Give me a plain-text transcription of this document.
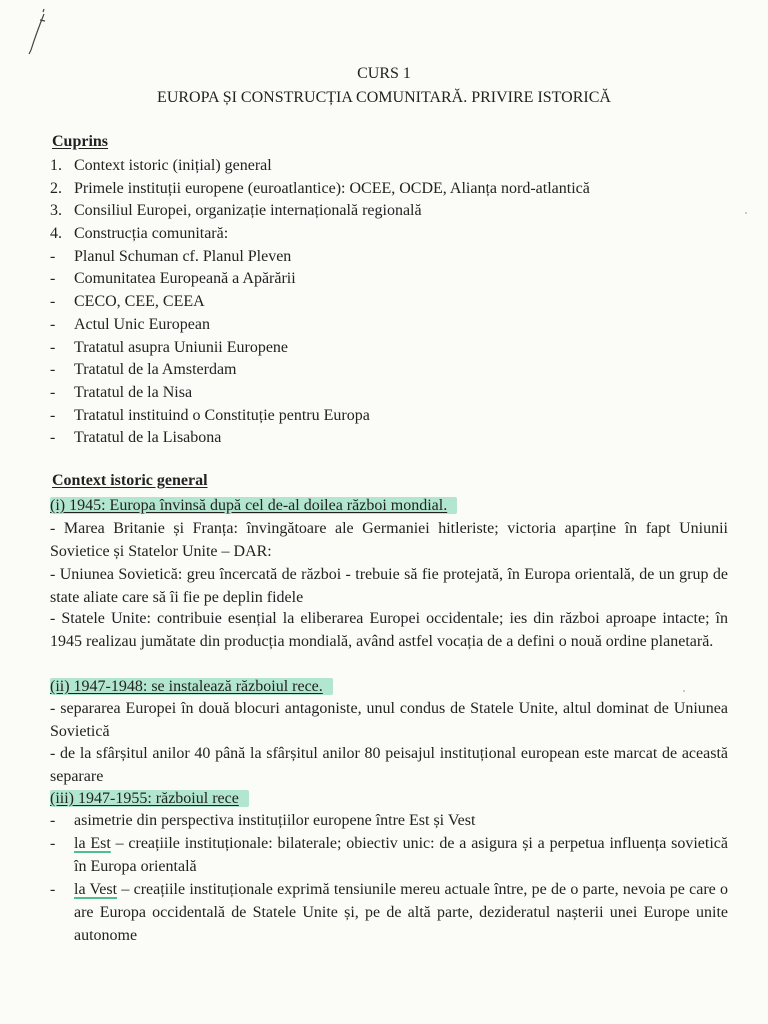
CURS 1
EUROPA ȘI CONSTRUCȚIA COMUNITARĂ. PRIVIRE ISTORICĂ
Cuprins
1. Context istoric (inițial) general
2. Primele instituții europene (euroatlantice): OCEE, OCDE, Alianța nord-atlantică
3. Consiliul Europei, organizație internațională regională
4. Construcția comunitară:
-	Planul Schuman cf. Planul Pleven
-	Comunitatea Europeană a Apărării
-	CECO, CEE, CEEA
-	Actul Unic European
-	Tratatul asupra Uniunii Europene
-	Tratatul de la Amsterdam
-	Tratatul de la Nisa
-	Tratatul instituind o Constituție pentru Europa
-	Tratatul de la Lisabona
Context istoric general
(i) 1945: Europa învinsă după cel de-al doilea război mondial.
- Marea Britanie și Franța: învingătoare ale Germaniei hitleriste; victoria aparține în fapt Uniunii Sovietice și Statelor Unite – DAR:
- Uniunea Sovietică: greu încercată de război - trebuie să fie protejată, în Europa orientală, de un grup de state aliate care să îi fie pe deplin fidele
- Statele Unite: contribuie esențial la eliberarea Europei occidentale; ies din război aproape intacte; în 1945 realizau jumătate din producția mondială, având astfel vocația de a defini o nouă ordine planetară.
(ii) 1947-1948: se instalează războiul rece.
- separarea Europei în două blocuri antagoniste, unul condus de Statele Unite, altul dominat de Uniunea Sovietică
- de la sfârșitul anilor 40 până la sfârșitul anilor 80 peisajul instituțional european este marcat de această separare
(iii) 1947-1955: războiul rece
-	asimetrie din perspectiva instituțiilor europene între Est și Vest
-	la Est – creațiile instituționale: bilaterale; obiectiv unic: de a asigura și a perpetua influența sovietică în Europa orientală
-	la Vest – creațiile instituționale exprimă tensiunile mereu actuale între, pe de o parte, nevoia pe care o are Europa occidentală de Statele Unite și, pe de altă parte, dezideratul nașterii unei Europe unite autonome
